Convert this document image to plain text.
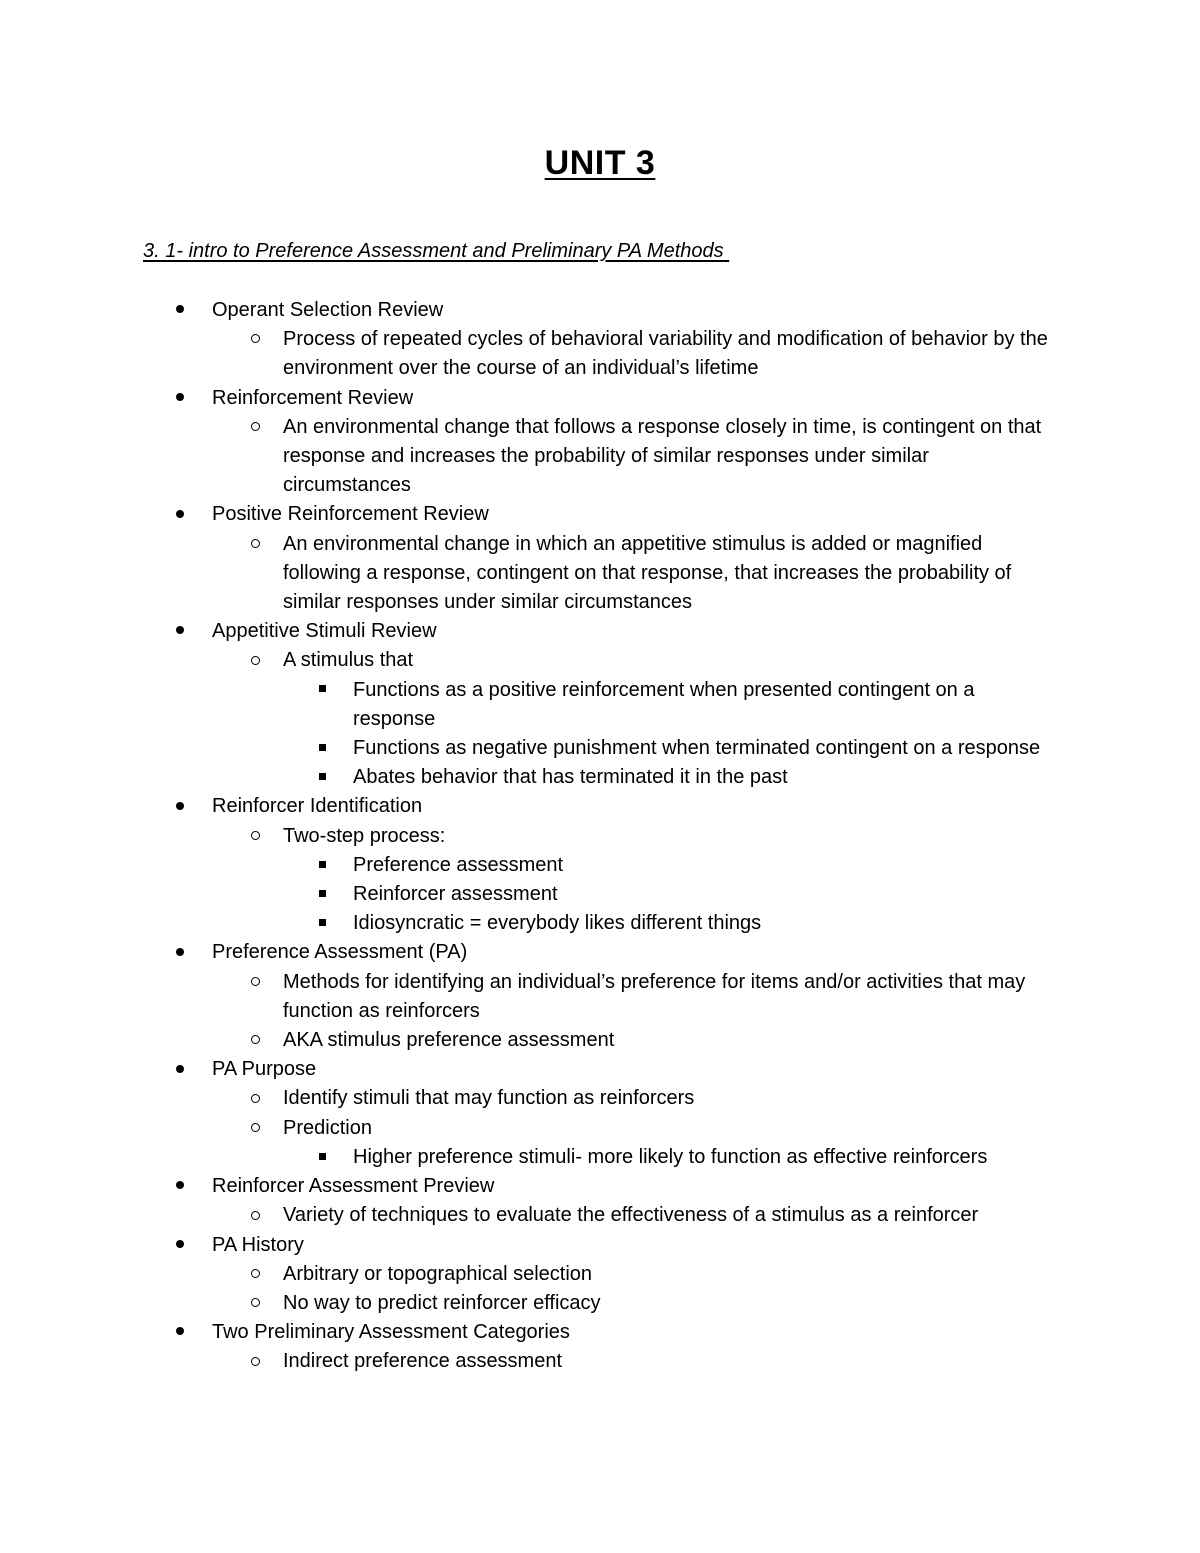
UNIT 3
3. 1- intro to Preference Assessment and Preliminary PA Methods
Operant Selection Review
Process of repeated cycles of behavioral variability and modification of behavior by the environment over the course of an individual’s lifetime
Reinforcement Review
An environmental change that follows a response closely in time, is contingent on that response and increases the probability of similar responses under similar circumstances
Positive Reinforcement Review
An environmental change in which an appetitive stimulus is added or magnified following a response, contingent on that response, that increases the probability of similar responses under similar circumstances
Appetitive Stimuli Review
A stimulus that
Functions as a positive reinforcement when presented contingent on a response
Functions as negative punishment when terminated contingent on a response
Abates behavior that has terminated it in the past
Reinforcer Identification
Two-step process:
Preference assessment
Reinforcer assessment
Idiosyncratic = everybody likes different things
Preference Assessment (PA)
Methods for identifying an individual’s preference for items and/or activities that may function as reinforcers
AKA stimulus preference assessment
PA Purpose
Identify stimuli that may function as reinforcers
Prediction
Higher preference stimuli- more likely to function as effective reinforcers
Reinforcer Assessment Preview
Variety of techniques to evaluate the effectiveness of a stimulus as a reinforcer
PA History
Arbitrary or topographical selection
No way to predict reinforcer efficacy
Two Preliminary Assessment Categories
Indirect preference assessment
